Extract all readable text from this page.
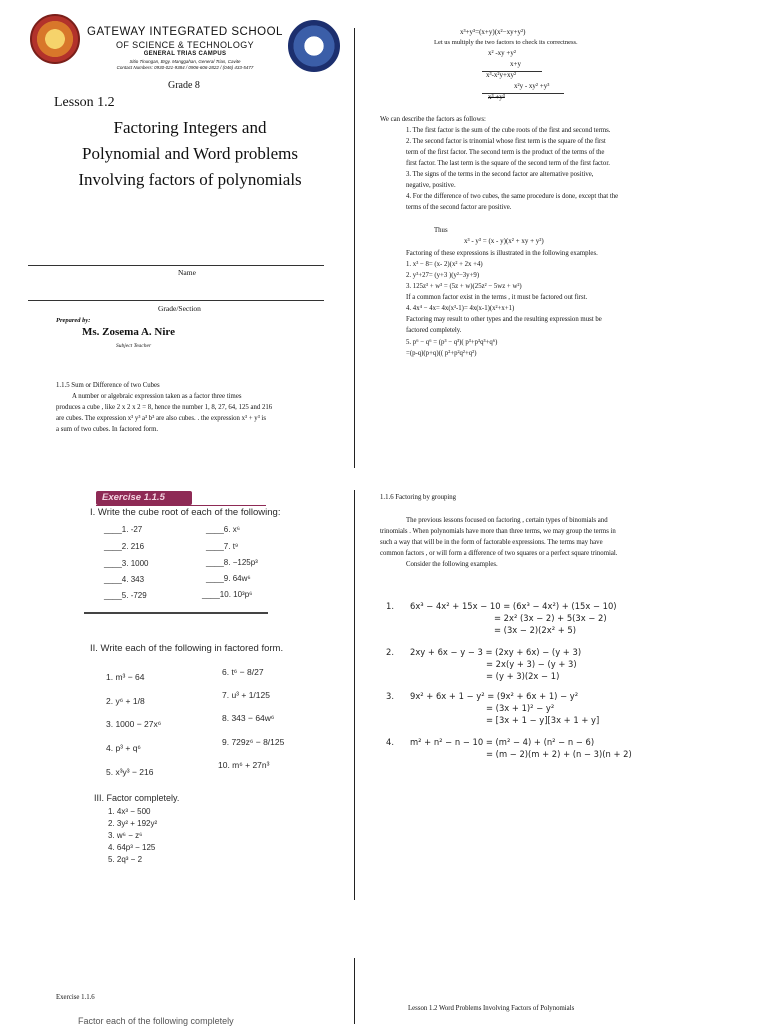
GATEWAY INTEGRATED SCHOOL
OF SCIENCE & TECHNOLOGY
GENERAL TRIAS CAMPUS
Sitio Tinungan, Brgy. Manggahan, General Trias, Cavite
Contact Numbers: 0930-021-9384 / 0906-606-2822 / (046) 433-5477
Grade 8
Lesson 1.2
Factoring Integers and
Polynomial and Word problems
Involving factors of polynomials
Name
Grade/Section
Prepared by:
Ms. Zosema A. Nire
Subject Teacher
1.1.5 Sum or Difference of two Cubes
A number or algebraic expression taken as a factor three times
produces a cube , like 2 x 2 x 2 = 8, hence the number 1, 8, 27, 64, 125 and 216
are cubes. The expression x³ y³ a³ b³ are also cubes. . the expression x³ + y³ is
a sum of two cubes. In factored form.
x³+y³=(x+y)(x²−xy+y²)
Let us multiply the two factors to check its correctness.
x² -xy +y²
x+y
x³-x²y+xy²
x²y - xy² +y³
x³ +y³
We can describe the factors as follows:
1. The first factor is the sum of the cube roots of the first and second terms.
2. The second factor is trinomial whose first term is the square of the first
term of the first factor. The second term is the product of the terms of the
first factor. The last term is the square of the second term of the first factor.
3. The signs of the terms in the second factor are alternative positive,
negative, positive.
4. For the difference of two cubes, the same procedure is done, except that the
terms of the second factor are positive.
Thus
x³ - y³ = (x - y)(x² + xy + y²)
Factoring of these expressions is illustrated in the following examples.
1. x³ − 8= (x- 2)(x² + 2x +4)
2. y³+27= (y+3 )(y²−3y+9)
3. 125z³ + w³ = (5z + w)(25z² − 5wz + w²)
If a common factor exist in the terms , it must be factored out first.
4. 4x⁴ − 4x= 4x(x³-1)= 4x(x-1)(x²+x+1)
Factoring may result to other types and the resulting expression must be
factored completely.
5. p⁶ − q⁶ = (p³ − q³)( p³+p³q³+q⁶)
=(p-q)(p+q)(( p²+p²q²+q²)
Exercise 1.1.5
I. Write the cube root of each of the following:
____1. -27
____2. 216
____3. 1000
____4. 343
____5. -729
____6. x⁶
____7. t⁹
____8. −125p³
____9. 64w⁶
____10. 10³p⁶
II. Write each of the following in factored form.
1. m³ − 64
2. y⁶ + 1/8
3. 1000 − 27x⁶
4. p³ + q⁶
5. x³y³ − 216
6. t⁶ − 8/27
7. u³ + 1/125
8. 343 − 64w⁶
9. 729z⁶ − 8/125
10. m⁶ + 27n³
III. Factor completely.
1. 4x³ − 500
2. 3y² + 192y²
3. w⁶ − z⁶
4. 64p³ − 125
5. 2q³ − 2
1.1.6 Factoring by grouping
The previous lessons focused on factoring , certain types of binomials and
trinomials . When polynomials have more than three terms, we may group the terms in
such a way that will be in the form of factorable expressions. The terms may have
common factors , or will form a difference of two squares or a perfect square trinomial.
Consider the following examples.
1. 6x³ − 4x² + 15x − 10 = (6x³ − 4x²) + (15x − 10)
= 2x² (3x − 2) + 5(3x − 2)
= (3x − 2)(2x² + 5)
2. 2xy + 6x − y − 3 = (2xy + 6x) − (y + 3)
= 2x(y + 3) − (y + 3)
= (y + 3)(2x − 1)
3. 9x² + 6x + 1 − y² = (9x² + 6x + 1) − y²
= (3x + 1)² − y²
= [3x + 1 − y][3x + 1 + y]
4. m² + n² − n − 10 = (m² − 4) + (n² − n − 6)
= (m − 2)(m + 2) + (n − 3)(n + 2)
Exercise 1.1.6
Factor each of the following completely
Lesson 1.2 Word Problems Involving Factors of Polynomials
